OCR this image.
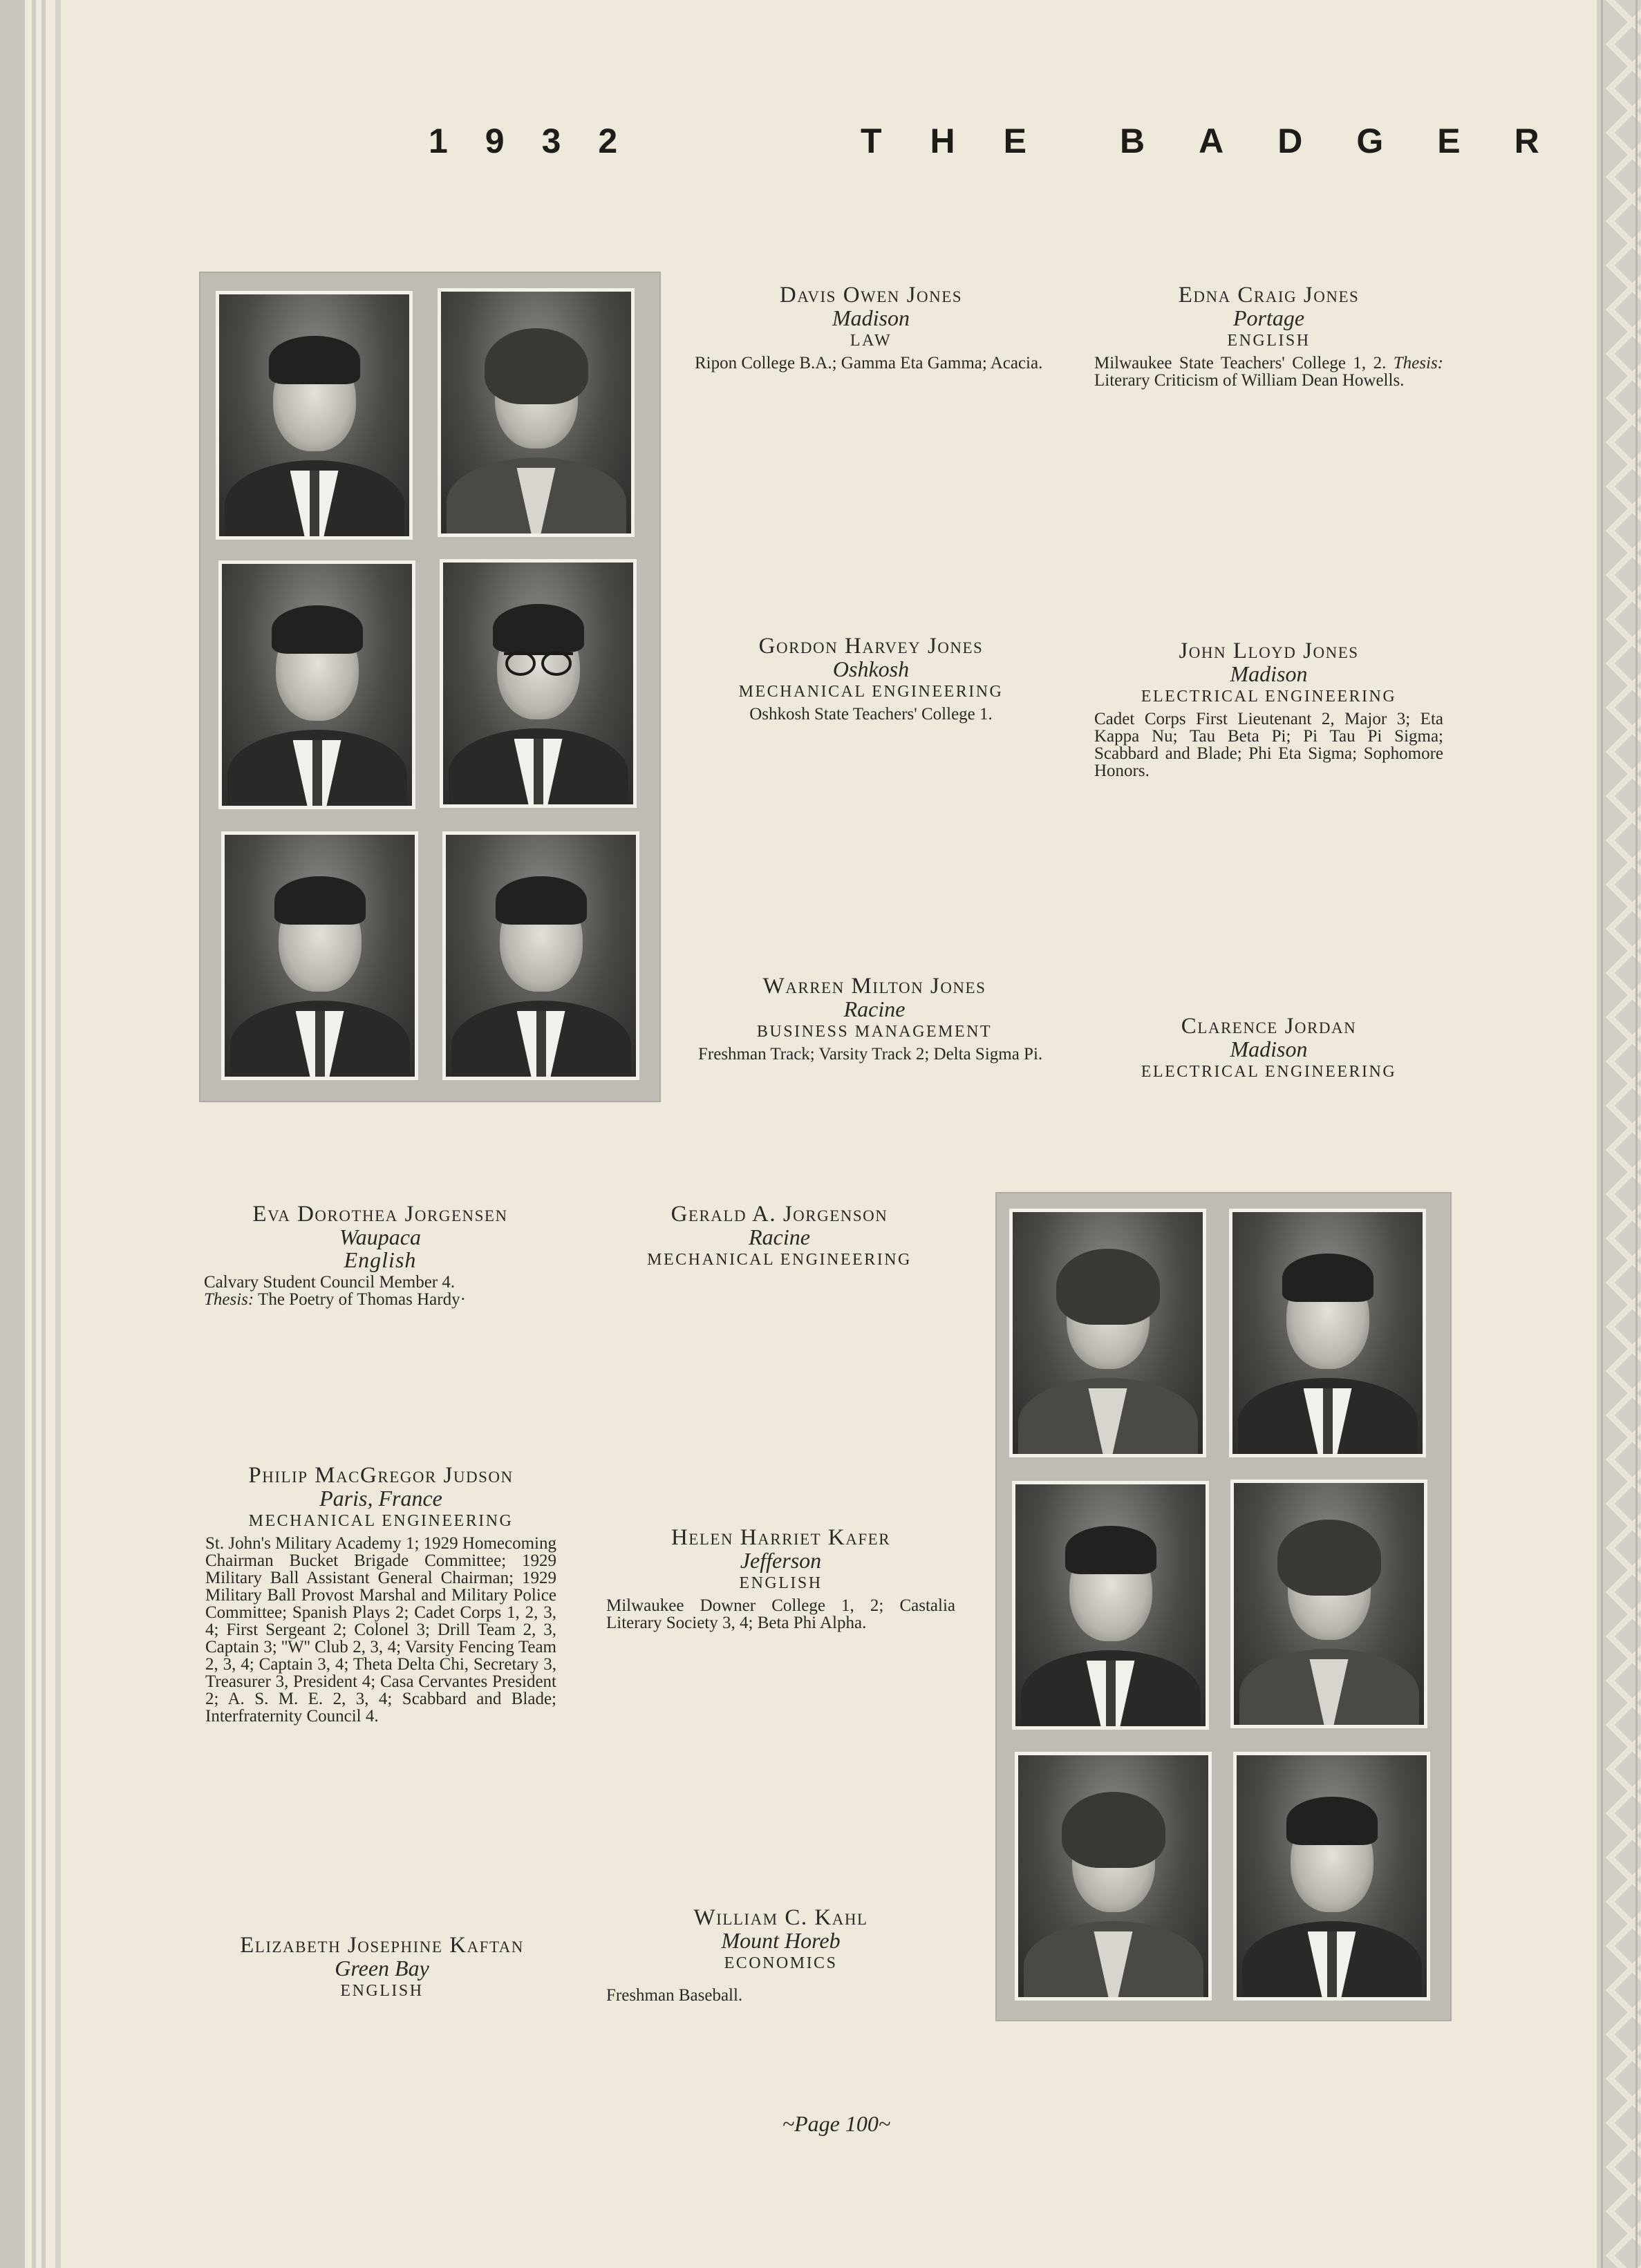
1932	THE BADGER
Davis Owen Jones
Madison
LAW
Ripon College B.A.; Gamma Eta Gamma; Acacia.
Edna Craig Jones
Portage
ENGLISH
Milwaukee State Teachers' College 1, 2. Thesis: Literary Criticism of William Dean Howells.
Gordon Harvey Jones
Oshkosh
MECHANICAL ENGINEERING
Oshkosh State Teachers' College 1.
John Lloyd Jones
Madison
ELECTRICAL ENGINEERING
Cadet Corps First Lieutenant 2, Major 3; Eta Kappa Nu; Tau Beta Pi; Pi Tau Pi Sigma; Scabbard and Blade; Phi Eta Sigma; Sophomore Honors.
Warren Milton Jones
Racine
BUSINESS MANAGEMENT
Freshman Track; Varsity Track 2; Delta Sigma Pi.
Clarence Jordan
Madison
ELECTRICAL ENGINEERING
Eva Dorothea Jorgensen
Waupaca
English
Calvary Student Council Member 4.
Thesis: The Poetry of Thomas Hardy·
Gerald A. Jorgenson
Racine
MECHANICAL ENGINEERING
Philip MacGregor Judson
Paris, France
MECHANICAL ENGINEERING
St. John's Military Academy 1; 1929 Homecoming Chairman Bucket Brigade Committee; 1929 Military Ball Assistant General Chairman; 1929 Military Ball Provost Marshal and Military Police Committee; Spanish Plays 2; Cadet Corps 1, 2, 3, 4; First Sergeant 2; Colonel 3; Drill Team 2, 3, Captain 3; ''W'' Club 2, 3, 4; Varsity Fencing Team 2, 3, 4; Captain 3, 4; Theta Delta Chi, Secretary 3, Treasurer 3, President 4; Casa Cervantes President 2; A. S. M. E. 2, 3, 4; Scabbard and Blade; Interfraternity Council 4.
Helen Harriet Kafer
Jefferson
ENGLISH
Milwaukee Downer College 1, 2; Castalia Literary Society 3, 4; Beta Phi Alpha.
Elizabeth Josephine Kaftan
Green Bay
ENGLISH
William C. Kahl
Mount Horeb
ECONOMICS
Freshman Baseball.
~Page 100~
